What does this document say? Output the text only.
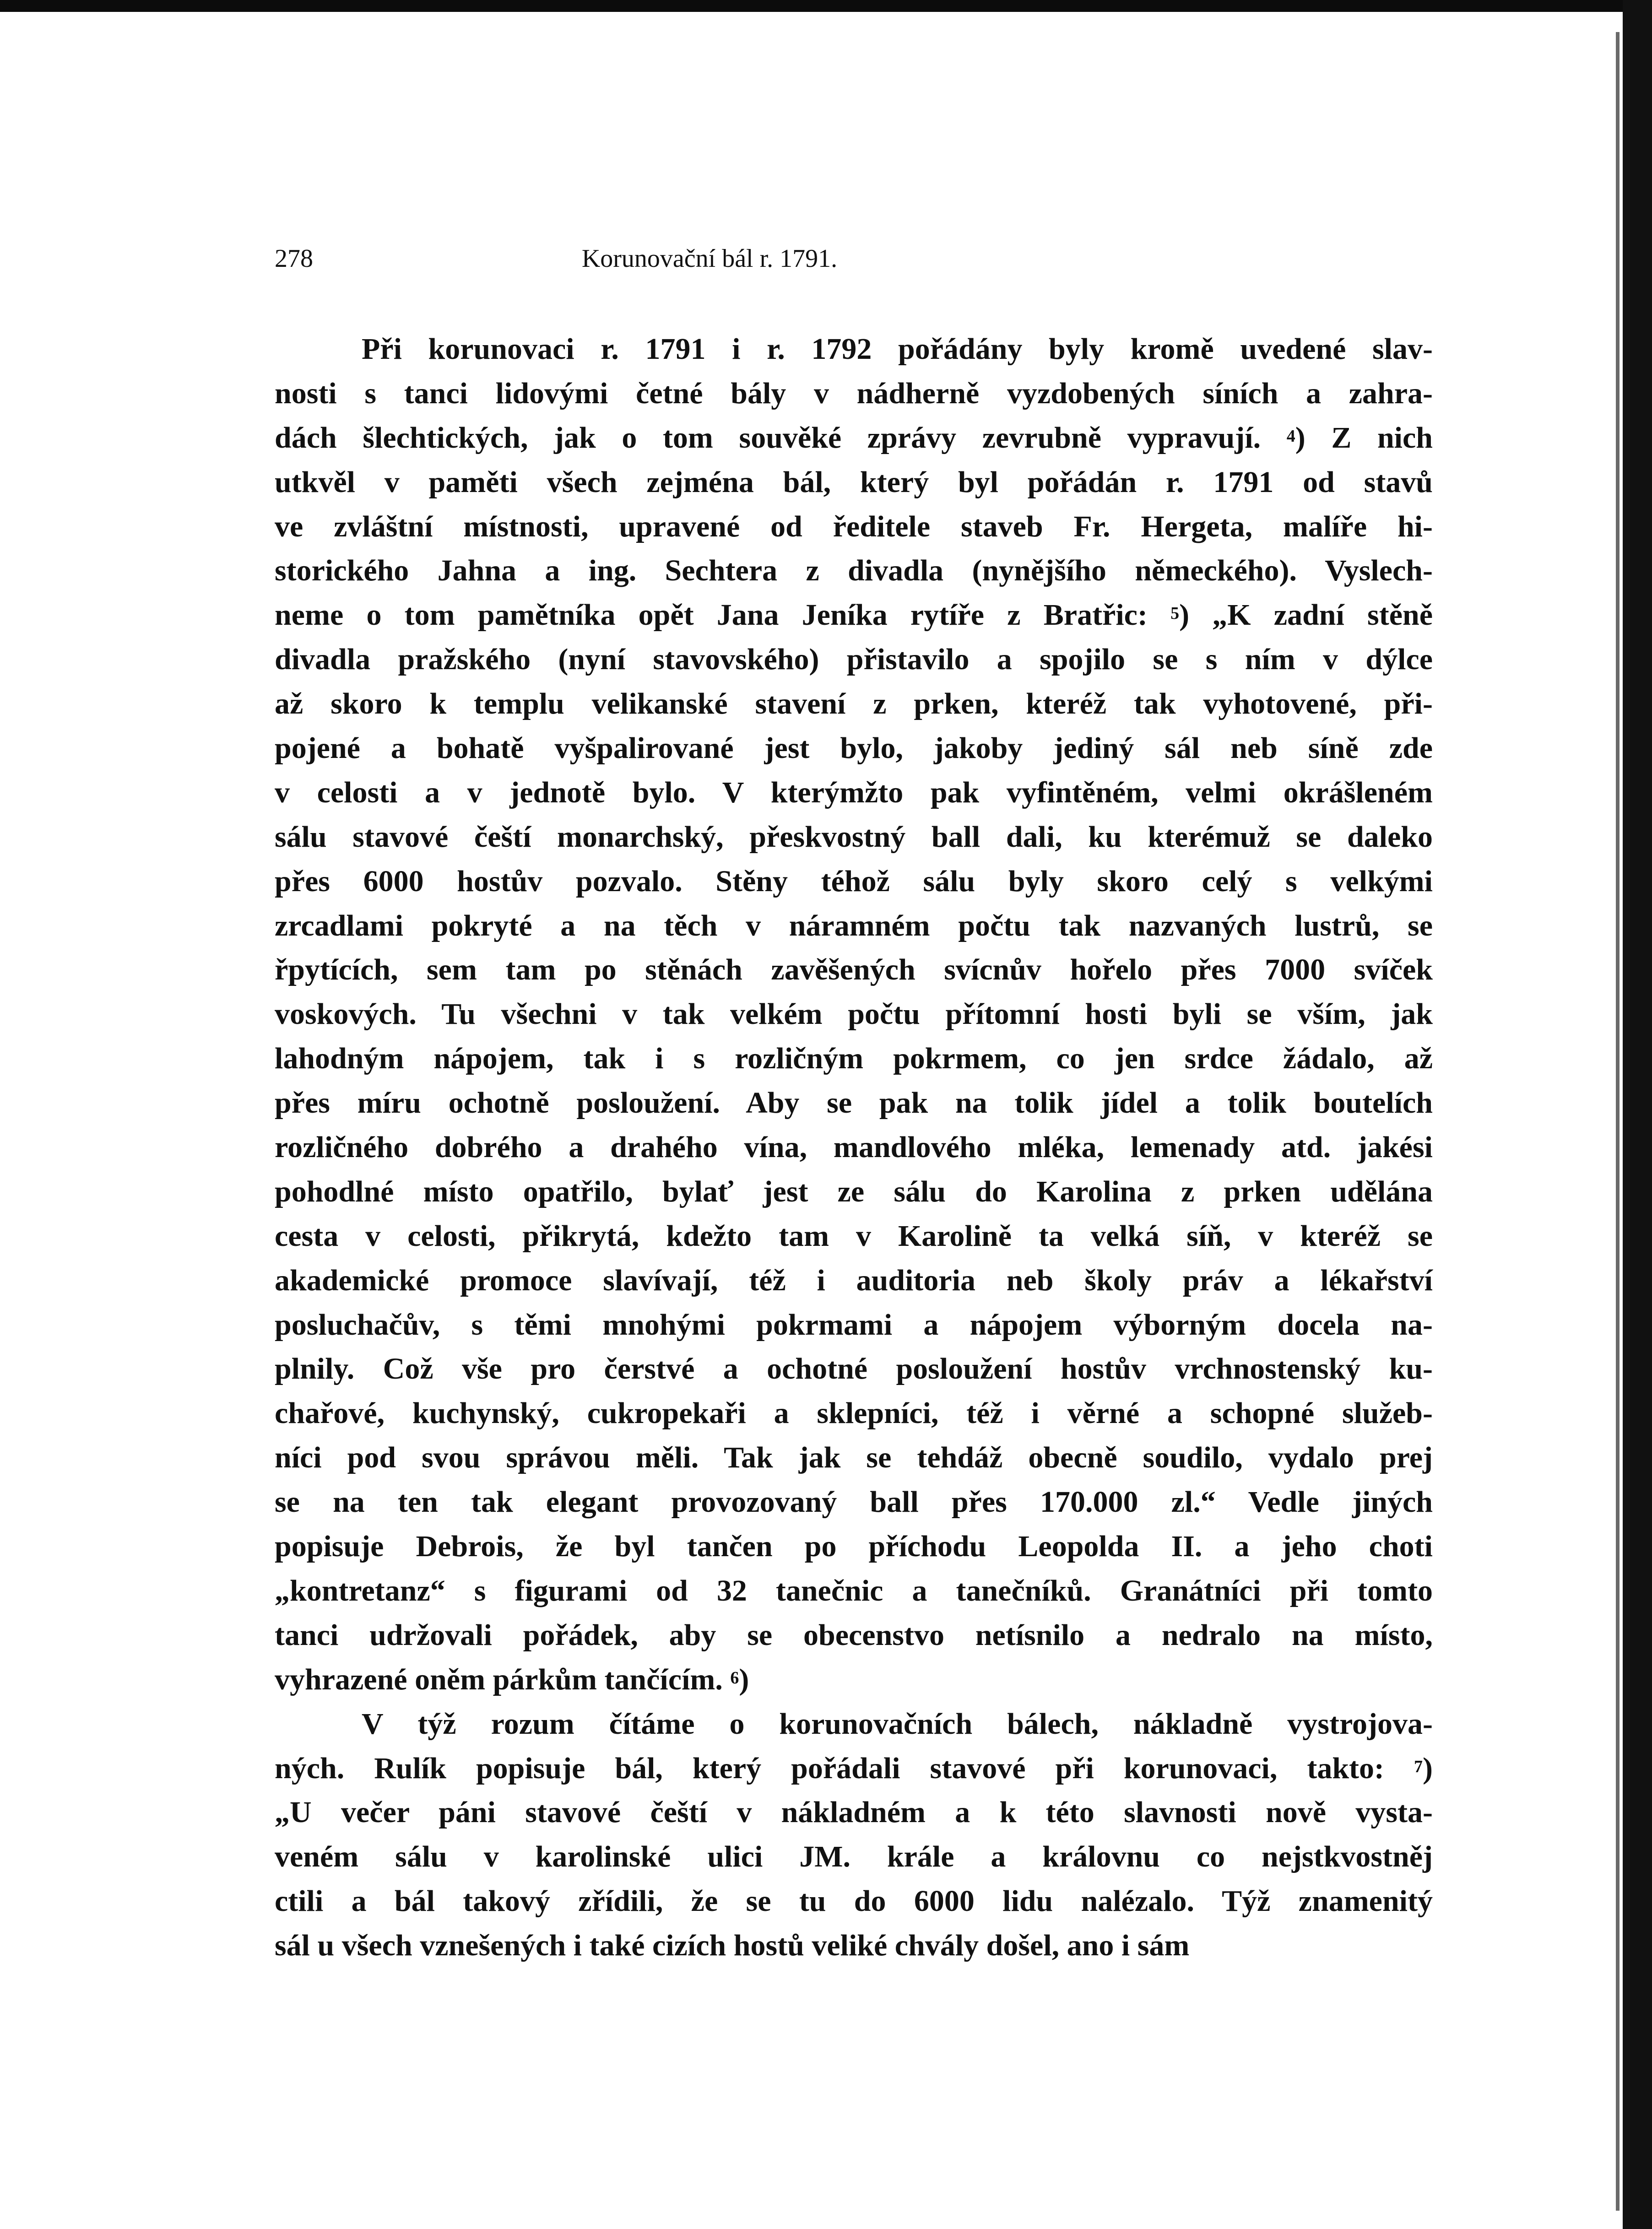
278	Korunovační bál r. 1791.
Při korunovaci r. 1791 i r. 1792 pořádány byly kromě uvedené slav-
nosti s tanci lidovými četné bály v nádherně vyzdobených síních a zahra-
dách šlechtických, jak o tom souvěké zprávy zevrubně vypravují. $^4$) Z nich
utkvěl v paměti všech zejména bál, který byl pořádán r. 1791 od stavů
ve zvláštní místnosti, upravené od ředitele staveb Fr. Hergeta, malíře hi-
storického Jahna a ing. Sechtera z divadla (nynějšího německého). Vyslech-
neme o tom pamětníka opět Jana Jeníka rytíře z Bratřic: $^5$) „K zadní stěně
divadla pražského (nyní stavovského) přistavilo a spojilo se s ním v dýlce
až skoro k templu velikanské stavení z prken, kteréž tak vyhotovené, při-
pojené a bohatě vyšpalirované jest bylo, jakoby jediný sál neb síně zde
v celosti a v jednotě bylo. V kterýmžto pak vyfintěném, velmi okrášleném
sálu stavové čeští monarchský, přeskvostný ball dali, ku kterémuž se daleko
přes 6000 hostův pozvalo. Stěny téhož sálu byly skoro celý s velkými
zrcadlami pokryté a na těch v náramném počtu tak nazvaných lustrů, se
řpytících, sem tam po stěnách zavěšených svícnův hořelo přes 7000 svíček
voskových. Tu všechni v tak velkém počtu přítomní hosti byli se vším, jak
lahodným nápojem, tak i s rozličným pokrmem, co jen srdce žádalo, až
přes míru ochotně posloužení. Aby se pak na tolik jídel a tolik boutelích
rozličného dobrého a drahého vína, mandlového mléka, lemenady atd. jakési
pohodlné místo opatřilo, bylať jest ze sálu do Karolina z prken udělána
cesta v celosti, přikrytá, kdežto tam v Karolině ta velká síň, v kteréž se
akademické promoce slavívají, též i auditoria neb školy práv a lékařství
posluchačův, s těmi mnohými pokrmami a nápojem výborným docela na-
plnily. Což vše pro čerstvé a ochotné posloužení hostův vrchnostenský ku-
chařové, kuchynský, cukropekaři a sklepníci, též i věrné a schopné služeb-
níci pod svou správou měli. Tak jak se tehdáž obecně soudilo, vydalo prej
se na ten tak elegant provozovaný ball přes 170.000 zl.“ Vedle jiných
popisuje Debrois, že byl tančen po příchodu Leopolda II. a jeho choti
„kontretanz“ s figurami od 32 tanečnic a tanečníků. Granátníci při tomto
tanci udržovali pořádek, aby se obecenstvo netísnilo a nedralo na místo,
vyhrazené oněm párkům tančícím. $^6$)
V týž rozum čítáme o korunovačních bálech, nákladně vystrojova-
ných. Rulík popisuje bál, který pořádali stavové při korunovaci, takto: $^7$)
„U večer páni stavové čeští v nákladném a k této slavnosti nově vysta-
veném sálu v karolinské ulici JM. krále a královnu co nejstkvostněj
ctili a bál takový zřídili, že se tu do 6000 lidu nalézalo. Týž znamenitý
sál u všech vznešených i také cizích hostů veliké chvály došel, ano i sám
